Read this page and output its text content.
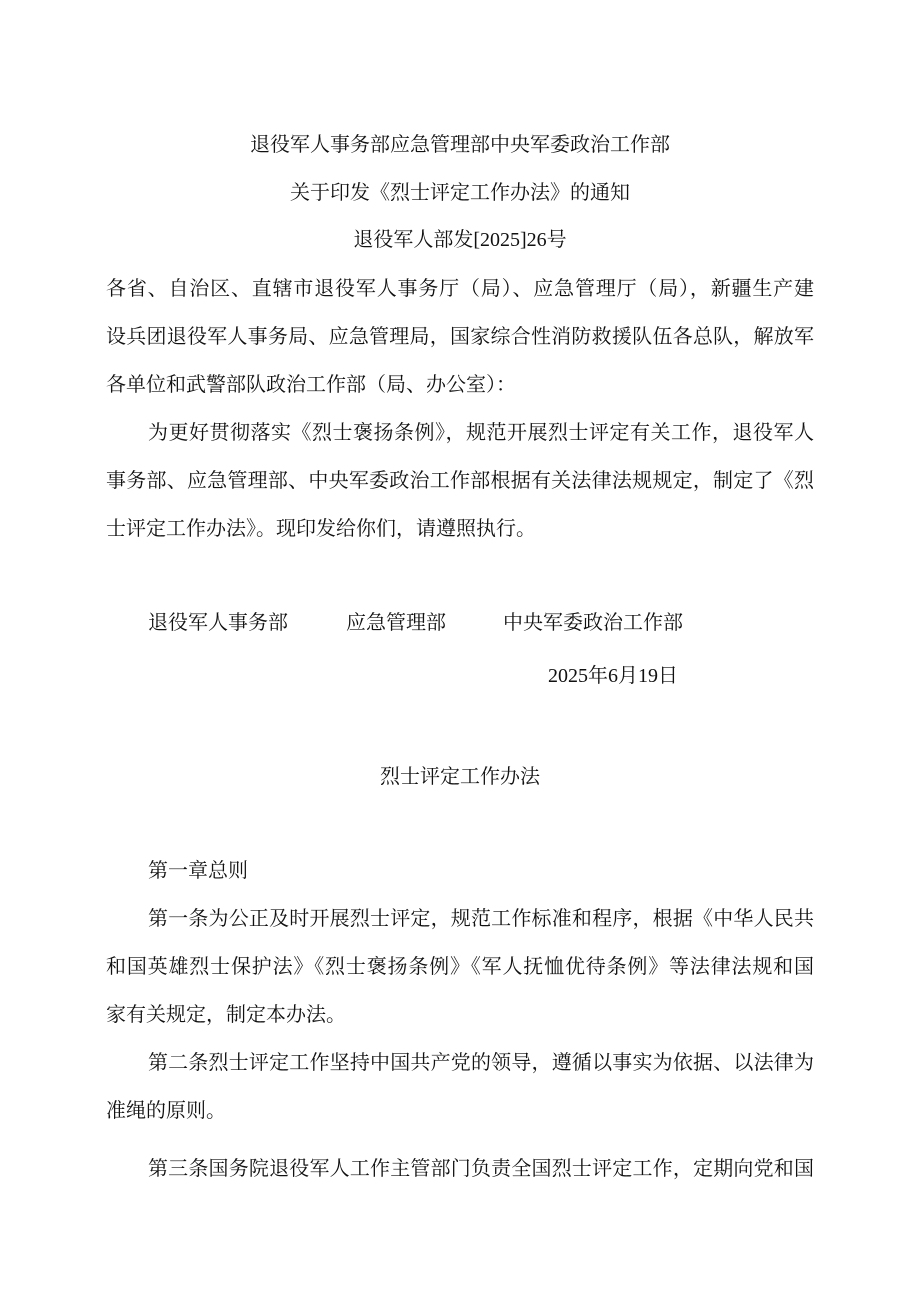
退役军人事务部应急管理部中央军委政治工作部
关于印发《烈士评定工作办法》的通知
退役军人部发[2025]26号
各省、自治区、直辖市退役军人事务厅（局）、应急管理厅（局），新疆生产建
设兵团退役军人事务局、应急管理局，国家综合性消防救援队伍各总队，解放军
各单位和武警部队政治工作部（局、办公室）：
为更好贯彻落实《烈士褒扬条例》，规范开展烈士评定有关工作，退役军人
事务部、应急管理部、中央军委政治工作部根据有关法律法规规定，制定了《烈
士评定工作办法》。现印发给你们，请遵照执行。
退役军人事务部	应急管理部	中央军委政治工作部
2025年6月19日
烈士评定工作办法
第一章总则
第一条为公正及时开展烈士评定，规范工作标准和程序，根据《中华人民共
和国英雄烈士保护法》《烈士褒扬条例》《军人抚恤优待条例》等法律法规和国
家有关规定，制定本办法。
第二条烈士评定工作坚持中国共产党的领导，遵循以事实为依据、以法律为
准绳的原则。
第三条国务院退役军人工作主管部门负责全国烈士评定工作，定期向党和国
